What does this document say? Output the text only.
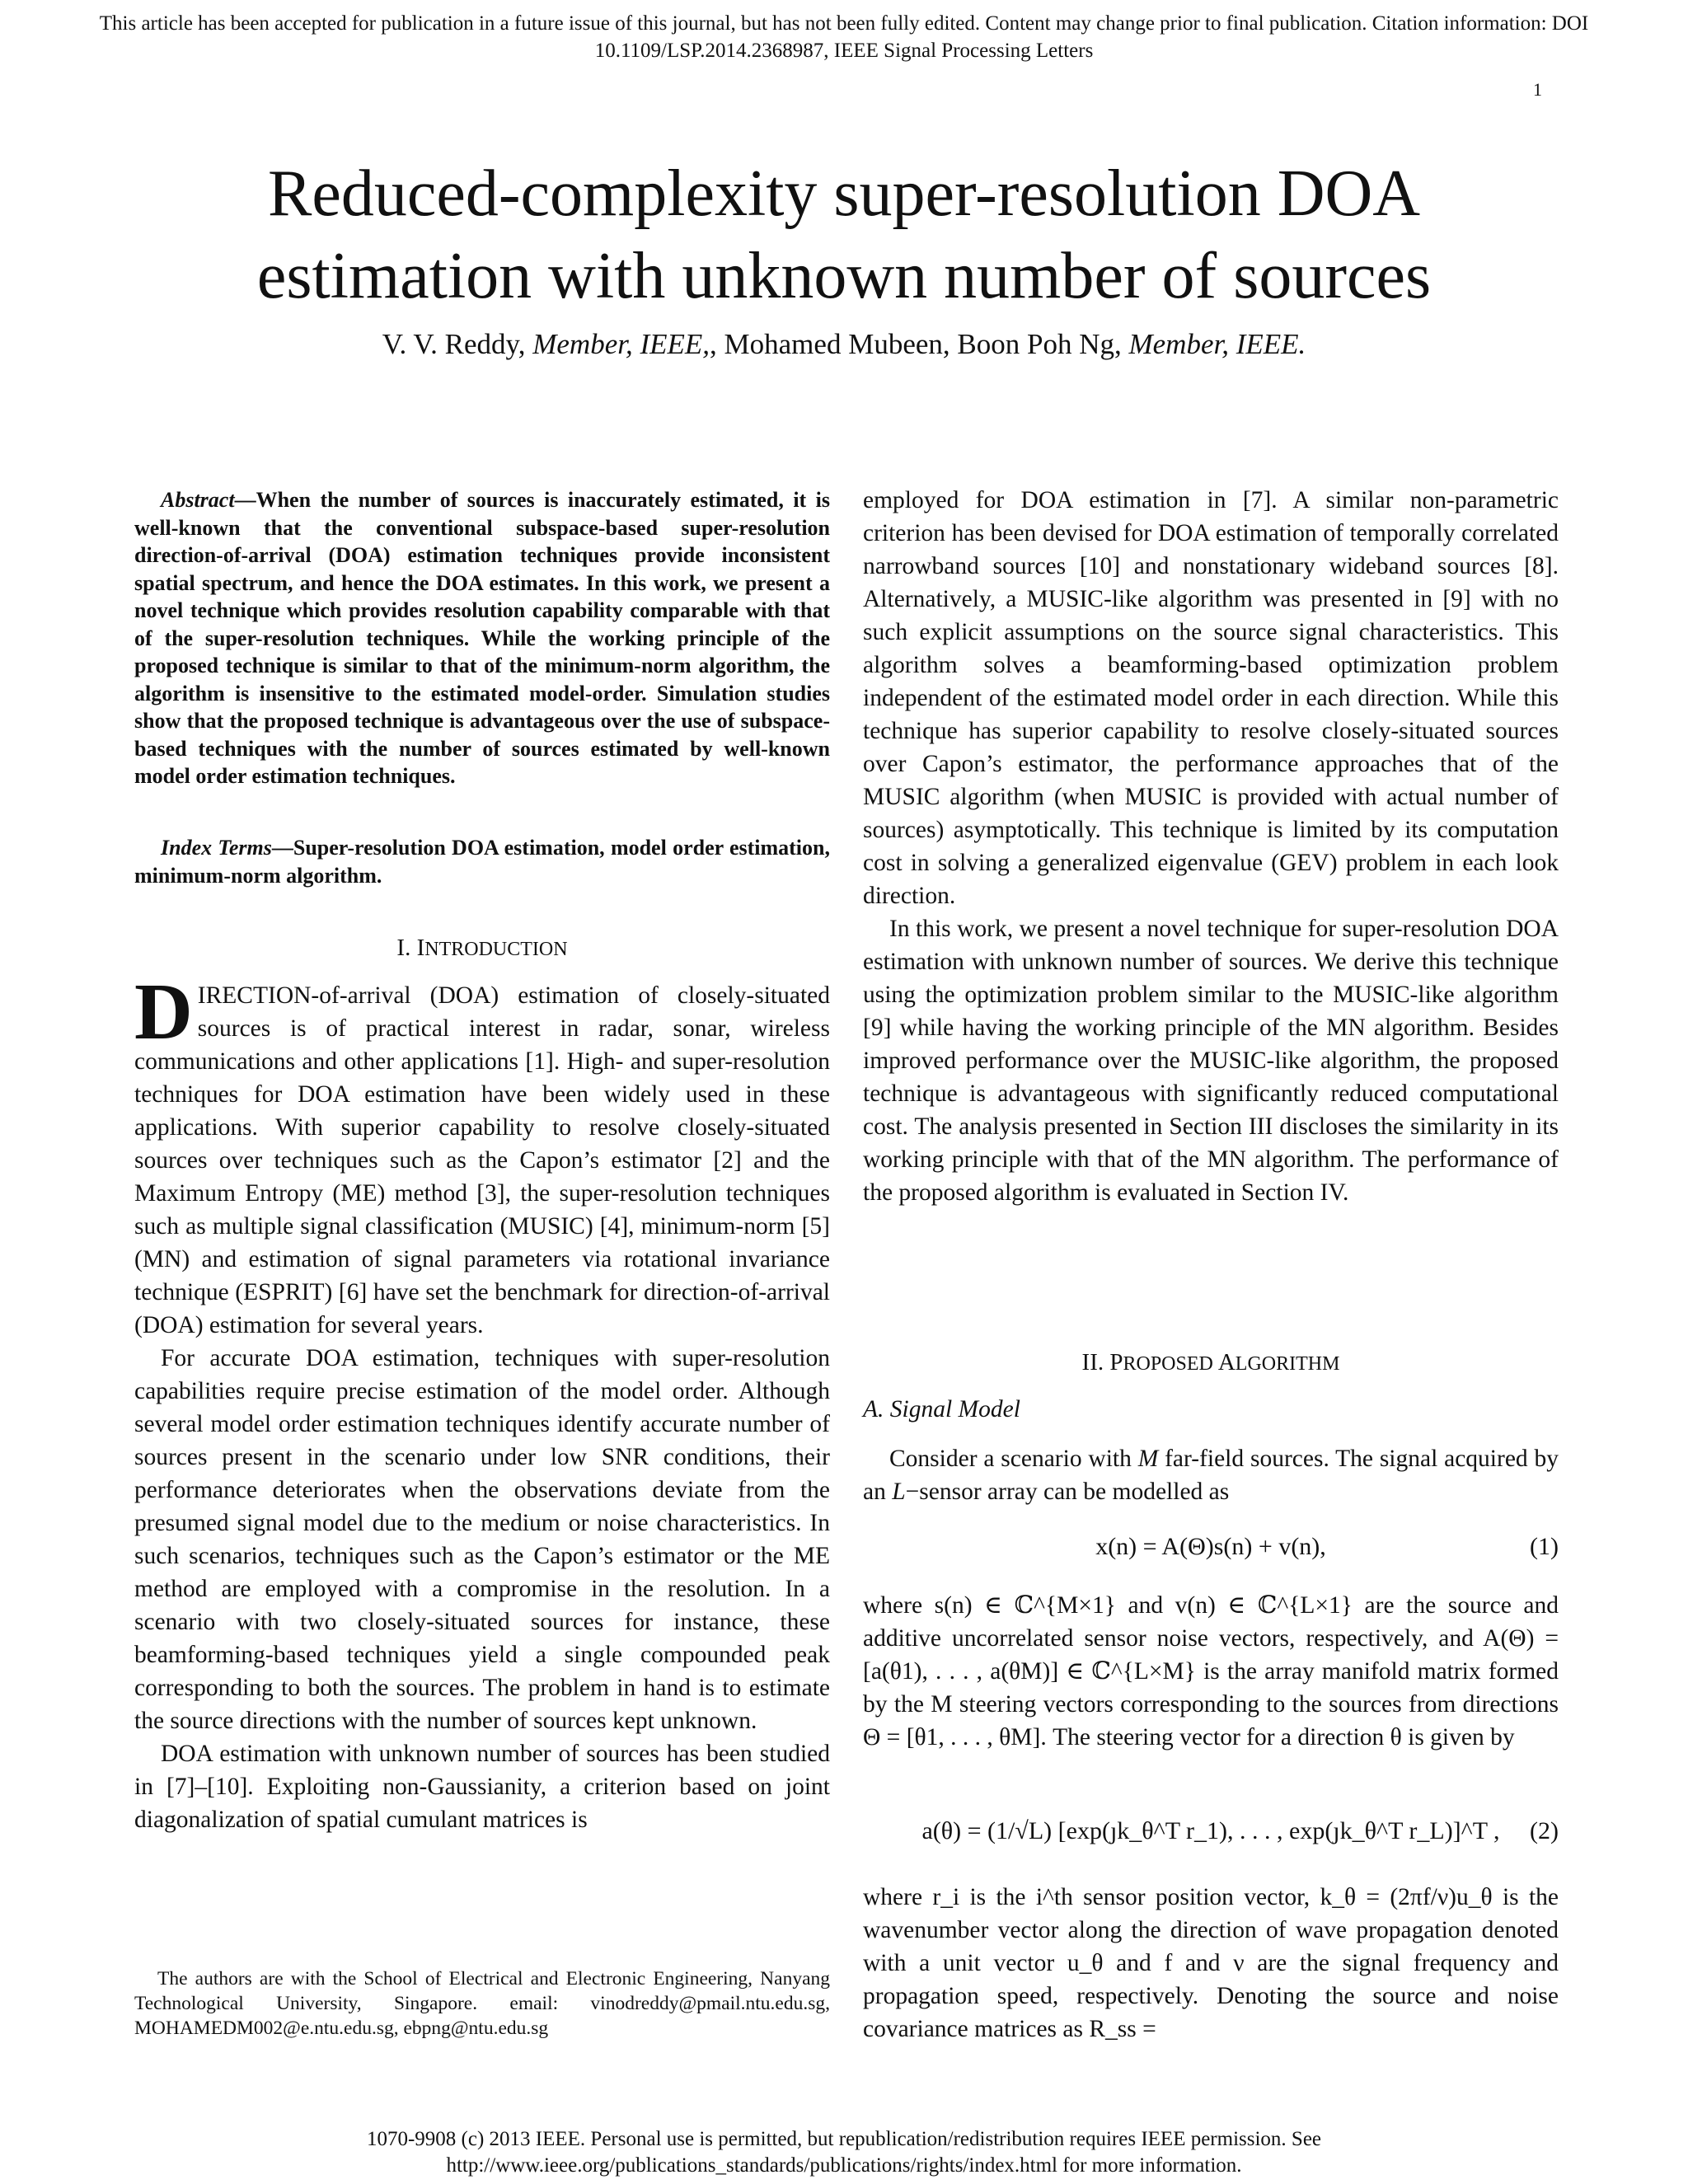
This article has been accepted for publication in a future issue of this journal, but has not been fully edited. Content may change prior to final publication. Citation information: DOI
10.1109/LSP.2014.2368987, IEEE Signal Processing Letters
1
Reduced-complexity super-resolution DOA
estimation with unknown number of sources
V. V. Reddy, Member, IEEE,, Mohamed Mubeen, Boon Poh Ng, Member, IEEE.

Abstract—When the number of sources is inaccurately estimated, it is well-known that the conventional subspace-based super-resolution direction-of-arrival (DOA) estimation techniques provide inconsistent spatial spectrum, and hence the DOA estimates. In this work, we present a novel technique which provides resolution capability comparable with that of the super-resolution techniques. While the working principle of the proposed technique is similar to that of the minimum-norm algorithm, the algorithm is insensitive to the estimated model-order. Simulation studies show that the proposed technique is advantageous over the use of subspace-based techniques with the number of sources estimated by well-known model order estimation techniques.

Index Terms—Super-resolution DOA estimation, model order estimation, minimum-norm algorithm.

I. INTRODUCTION

DIRECTION-of-arrival (DOA) estimation of closely-situated sources is of practical interest in radar, sonar, wireless communications and other applications [1]. High- and super-resolution techniques for DOA estimation have been widely used in these applications. With superior capability to resolve closely-situated sources over techniques such as the Capon’s estimator [2] and the Maximum Entropy (ME) method [3], the super-resolution techniques such as multiple signal classification (MUSIC) [4], minimum-norm [5] (MN) and estimation of signal parameters via rotational invariance technique (ESPRIT) [6] have set the benchmark for direction-of-arrival (DOA) estimation for several years.

For accurate DOA estimation, techniques with super-resolution capabilities require precise estimation of the model order. Although several model order estimation techniques identify accurate number of sources present in the scenario under low SNR conditions, their performance deteriorates when the observations deviate from the presumed signal model due to the medium or noise characteristics. In such scenarios, techniques such as the Capon’s estimator or the ME method are employed with a compromise in the resolution. In a scenario with two closely-situated sources for instance, these beamforming-based techniques yield a single compounded peak corresponding to both the sources. The problem in hand is to estimate the source directions with the number of sources kept unknown.

DOA estimation with unknown number of sources has been studied in [7]–[10]. Exploiting non-Gaussianity, a criterion based on joint diagonalization of spatial cumulant matrices is

The authors are with the School of Electrical and Electronic Engineering, Nanyang Technological University, Singapore. email: vinodreddy@pmail.ntu.edu.sg, MOHAMEDM002@e.ntu.edu.sg, ebpng@ntu.edu.sg

employed for DOA estimation in [7]. A similar non-parametric criterion has been devised for DOA estimation of temporally correlated narrowband sources [10] and nonstationary wideband sources [8]. Alternatively, a MUSIC-like algorithm was presented in [9] with no such explicit assumptions on the source signal characteristics. This algorithm solves a beamforming-based optimization problem independent of the estimated model order in each direction. While this technique has superior capability to resolve closely-situated sources over Capon’s estimator, the performance approaches that of the MUSIC algorithm (when MUSIC is provided with actual number of sources) asymptotically. This technique is limited by its computation cost in solving a generalized eigenvalue (GEV) problem in each look direction.

In this work, we present a novel technique for super-resolution DOA estimation with unknown number of sources. We derive this technique using the optimization problem similar to the MUSIC-like algorithm [9] while having the working principle of the MN algorithm. Besides improved performance over the MUSIC-like algorithm, the proposed technique is advantageous with significantly reduced computational cost. The analysis presented in Section III discloses the similarity in its working principle with that of the MN algorithm. The performance of the proposed algorithm is evaluated in Section IV.

II. PROPOSED ALGORITHM
A. Signal Model

Consider a scenario with M far-field sources. The signal acquired by an L−sensor array can be modelled as

x(n) = A(Θ)s(n) + v(n),	(1)

where s(n) ∈ ℂ^{M×1} and v(n) ∈ ℂ^{L×1} are the source and additive uncorrelated sensor noise vectors, respectively, and A(Θ) = [a(θ1), . . . , a(θM)] ∈ ℂ^{L×M} is the array manifold matrix formed by the M steering vectors corresponding to the sources from directions Θ = [θ1, . . . , θM]. The steering vector for a direction θ is given by

a(θ) = (1/√L) [exp(ȷk_θ^T r_1), . . . , exp(ȷk_θ^T r_L)]^T ,	(2)

where r_i is the i^th sensor position vector, k_θ = (2πf/ν)u_θ is the wavenumber vector along the direction of wave propagation denoted with a unit vector u_θ and f and ν are the signal frequency and propagation speed, respectively. Denoting the source and noise covariance matrices as R_ss =

1070-9908 (c) 2013 IEEE. Personal use is permitted, but republication/redistribution requires IEEE permission. See
http://www.ieee.org/publications_standards/publications/rights/index.html for more information.
